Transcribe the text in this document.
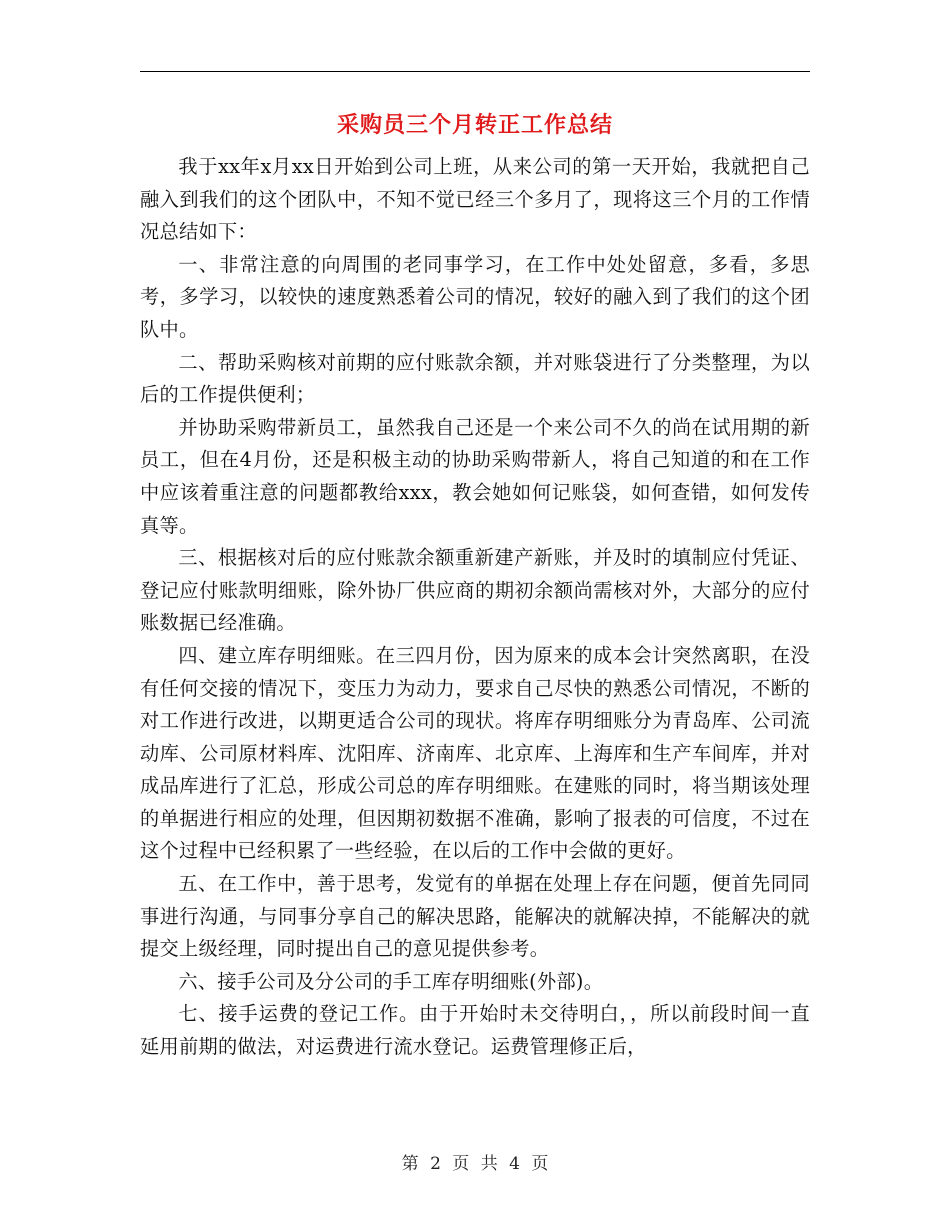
采购员三个月转正工作总结

我于xx年x月xx日开始到公司上班，从来公司的第一天开始，我就把自己融入到我们的这个团队中，不知不觉已经三个多月了，现将这三个月的工作情况总结如下：

一、非常注意的向周围的老同事学习，在工作中处处留意，多看，多思考，多学习，以较快的速度熟悉着公司的情况，较好的融入到了我们的这个团队中。

二、帮助采购核对前期的应付账款余额，并对账袋进行了分类整理，为以后的工作提供便利；

并协助采购带新员工，虽然我自己还是一个来公司不久的尚在试用期的新员工，但在4月份，还是积极主动的协助采购带新人，将自己知道的和在工作中应该着重注意的问题都教给xxx，教会她如何记账袋，如何查错，如何发传真等。

三、根据核对后的应付账款余额重新建产新账，并及时的填制应付凭证、登记应付账款明细账，除外协厂供应商的期初余额尚需核对外，大部分的应付账数据已经准确。

四、建立库存明细账。在三四月份，因为原来的成本会计突然离职，在没有任何交接的情况下，变压力为动力，要求自己尽快的熟悉公司情况，不断的对工作进行改进，以期更适合公司的现状。将库存明细账分为青岛库、公司流动库、公司原材料库、沈阳库、济南库、北京库、上海库和生产车间库，并对成品库进行了汇总，形成公司总的库存明细账。在建账的同时，将当期该处理的单据进行相应的处理，但因期初数据不准确，影响了报表的可信度，不过在这个过程中已经积累了一些经验，在以后的工作中会做的更好。

五、在工作中，善于思考，发觉有的单据在处理上存在问题，便首先同同事进行沟通，与同事分享自己的解决思路，能解决的就解决掉，不能解决的就提交上级经理，同时提出自己的意见提供参考。

六、接手公司及分公司的手工库存明细账(外部)。

七、接手运费的登记工作。由于开始时未交待明白，，所以前段时间一直延用前期的做法，对运费进行流水登记。运费管理修正后，

第 2 页 共 4 页
